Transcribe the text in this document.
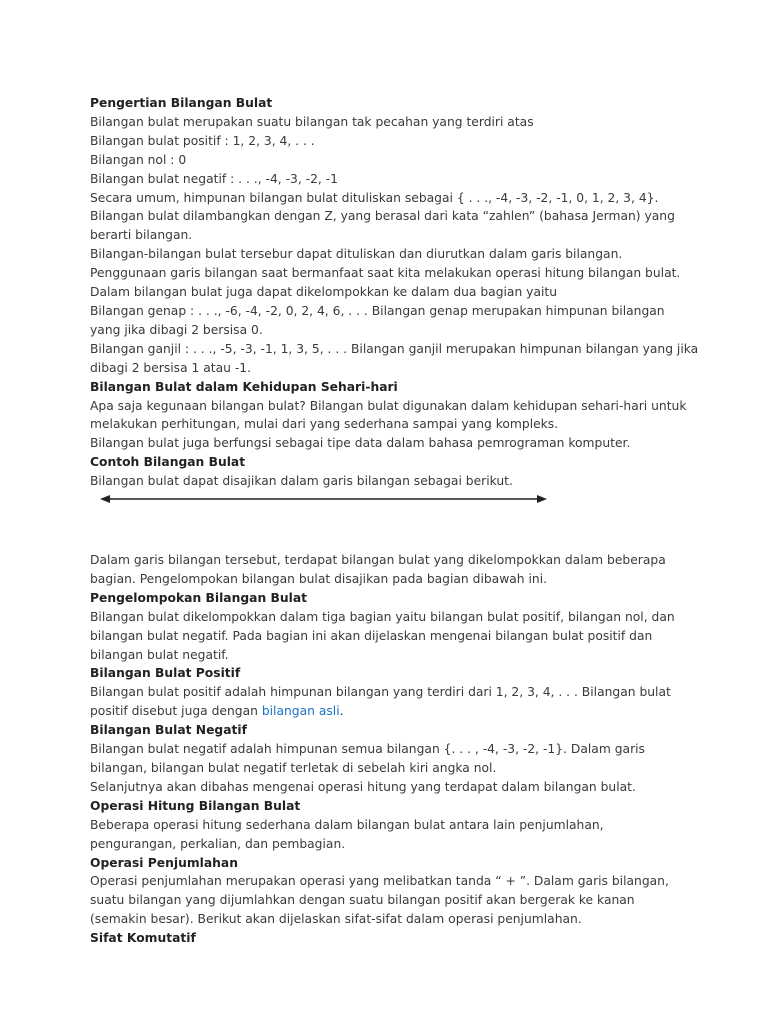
Pengertian Bilangan Bulat

Bilangan bulat merupakan suatu bilangan tak pecahan yang terdiri atas

Bilangan bulat positif : 1, 2, 3, 4, . . .

Bilangan nol : 0

Bilangan bulat negatif : . . ., -4, -3, -2, -1

Secara umum, himpunan bilangan bulat dituliskan sebagai { . . ., -4, -3, -2, -1, 0, 1, 2, 3, 4}.

Bilangan bulat dilambangkan dengan Z, yang berasal dari kata “zahlen” (bahasa Jerman) yang

berarti bilangan.

Bilangan-bilangan bulat tersebur dapat dituliskan dan diurutkan dalam garis bilangan.

Penggunaan garis bilangan saat bermanfaat saat kita melakukan operasi hitung bilangan bulat.

Dalam bilangan bulat juga dapat dikelompokkan ke dalam dua bagian yaitu

Bilangan genap : . . ., -6, -4, -2, 0, 2, 4, 6, . . . Bilangan genap merupakan himpunan bilangan

yang jika dibagi 2 bersisa 0.

Bilangan ganjil : . . ., -5, -3, -1, 1, 3, 5, . . . Bilangan ganjil merupakan himpunan bilangan yang jika

dibagi 2 bersisa 1 atau -1.

Bilangan Bulat dalam Kehidupan Sehari-hari

Apa saja kegunaan bilangan bulat? Bilangan bulat digunakan dalam kehidupan sehari-hari untuk

melakukan perhitungan, mulai dari yang sederhana sampai yang kompleks.

Bilangan bulat juga berfungsi sebagai tipe data dalam bahasa pemrograman komputer.

Contoh Bilangan Bulat

Bilangan bulat dapat disajikan dalam garis bilangan sebagai berikut.

Dalam garis bilangan tersebut, terdapat bilangan bulat yang dikelompokkan dalam beberapa

bagian. Pengelompokan bilangan bulat disajikan pada bagian dibawah ini.

Pengelompokan Bilangan Bulat

Bilangan bulat dikelompokkan dalam tiga bagian yaitu bilangan bulat positif, bilangan nol, dan

bilangan bulat negatif. Pada bagian ini akan dijelaskan mengenai bilangan bulat positif dan

bilangan bulat negatif.

Bilangan Bulat Positif

Bilangan bulat positif adalah himpunan bilangan yang terdiri dari 1, 2, 3, 4, . . . Bilangan bulat

positif disebut juga dengan bilangan asli.

Bilangan Bulat Negatif

Bilangan bulat negatif adalah himpunan semua bilangan {. . . , -4, -3, -2, -1}. Dalam garis

bilangan, bilangan bulat negatif terletak di sebelah kiri angka nol.

Selanjutnya akan dibahas mengenai operasi hitung yang terdapat dalam bilangan bulat.

Operasi Hitung Bilangan Bulat

Beberapa operasi hitung sederhana dalam bilangan bulat antara lain penjumlahan,

pengurangan, perkalian, dan pembagian.

Operasi Penjumlahan

Operasi penjumlahan merupakan operasi yang melibatkan tanda “ + ”. Dalam garis bilangan,

suatu bilangan yang dijumlahkan dengan suatu bilangan positif akan bergerak ke kanan

(semakin besar). Berikut akan dijelaskan sifat-sifat dalam operasi penjumlahan.

Sifat Komutatif
